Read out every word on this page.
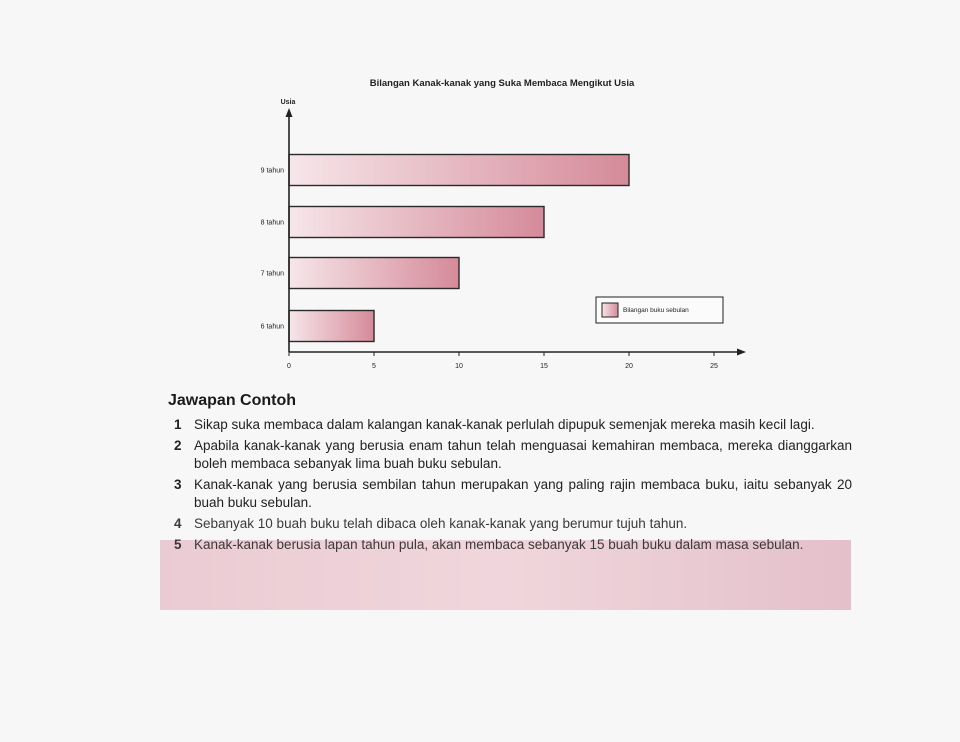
Bilangan Kanak-kanak yang Suka Membaca Mengikut Usia
Usia
6 tahun
7 tahun
8 tahun
9 tahun
0	5	10	15	20	25
Bilangan buku sebulan
Jawapan Contoh
1 Sikap suka membaca dalam kalangan kanak-kanak perlulah dipupuk semenjak mereka masih kecil lagi.
2 Apabila kanak-kanak yang berusia enam tahun telah menguasai kemahiran membaca, mereka dianggarkan boleh membaca sebanyak lima buah buku sebulan.
3 Kanak-kanak yang berusia sembilan tahun merupakan yang paling rajin membaca buku, iaitu sebanyak 20 buah buku sebulan.
4 Sebanyak 10 buah buku telah dibaca oleh kanak-kanak yang berumur tujuh tahun.
5 Kanak-kanak berusia lapan tahun pula, akan membaca sebanyak 15 buah buku dalam masa sebulan.
